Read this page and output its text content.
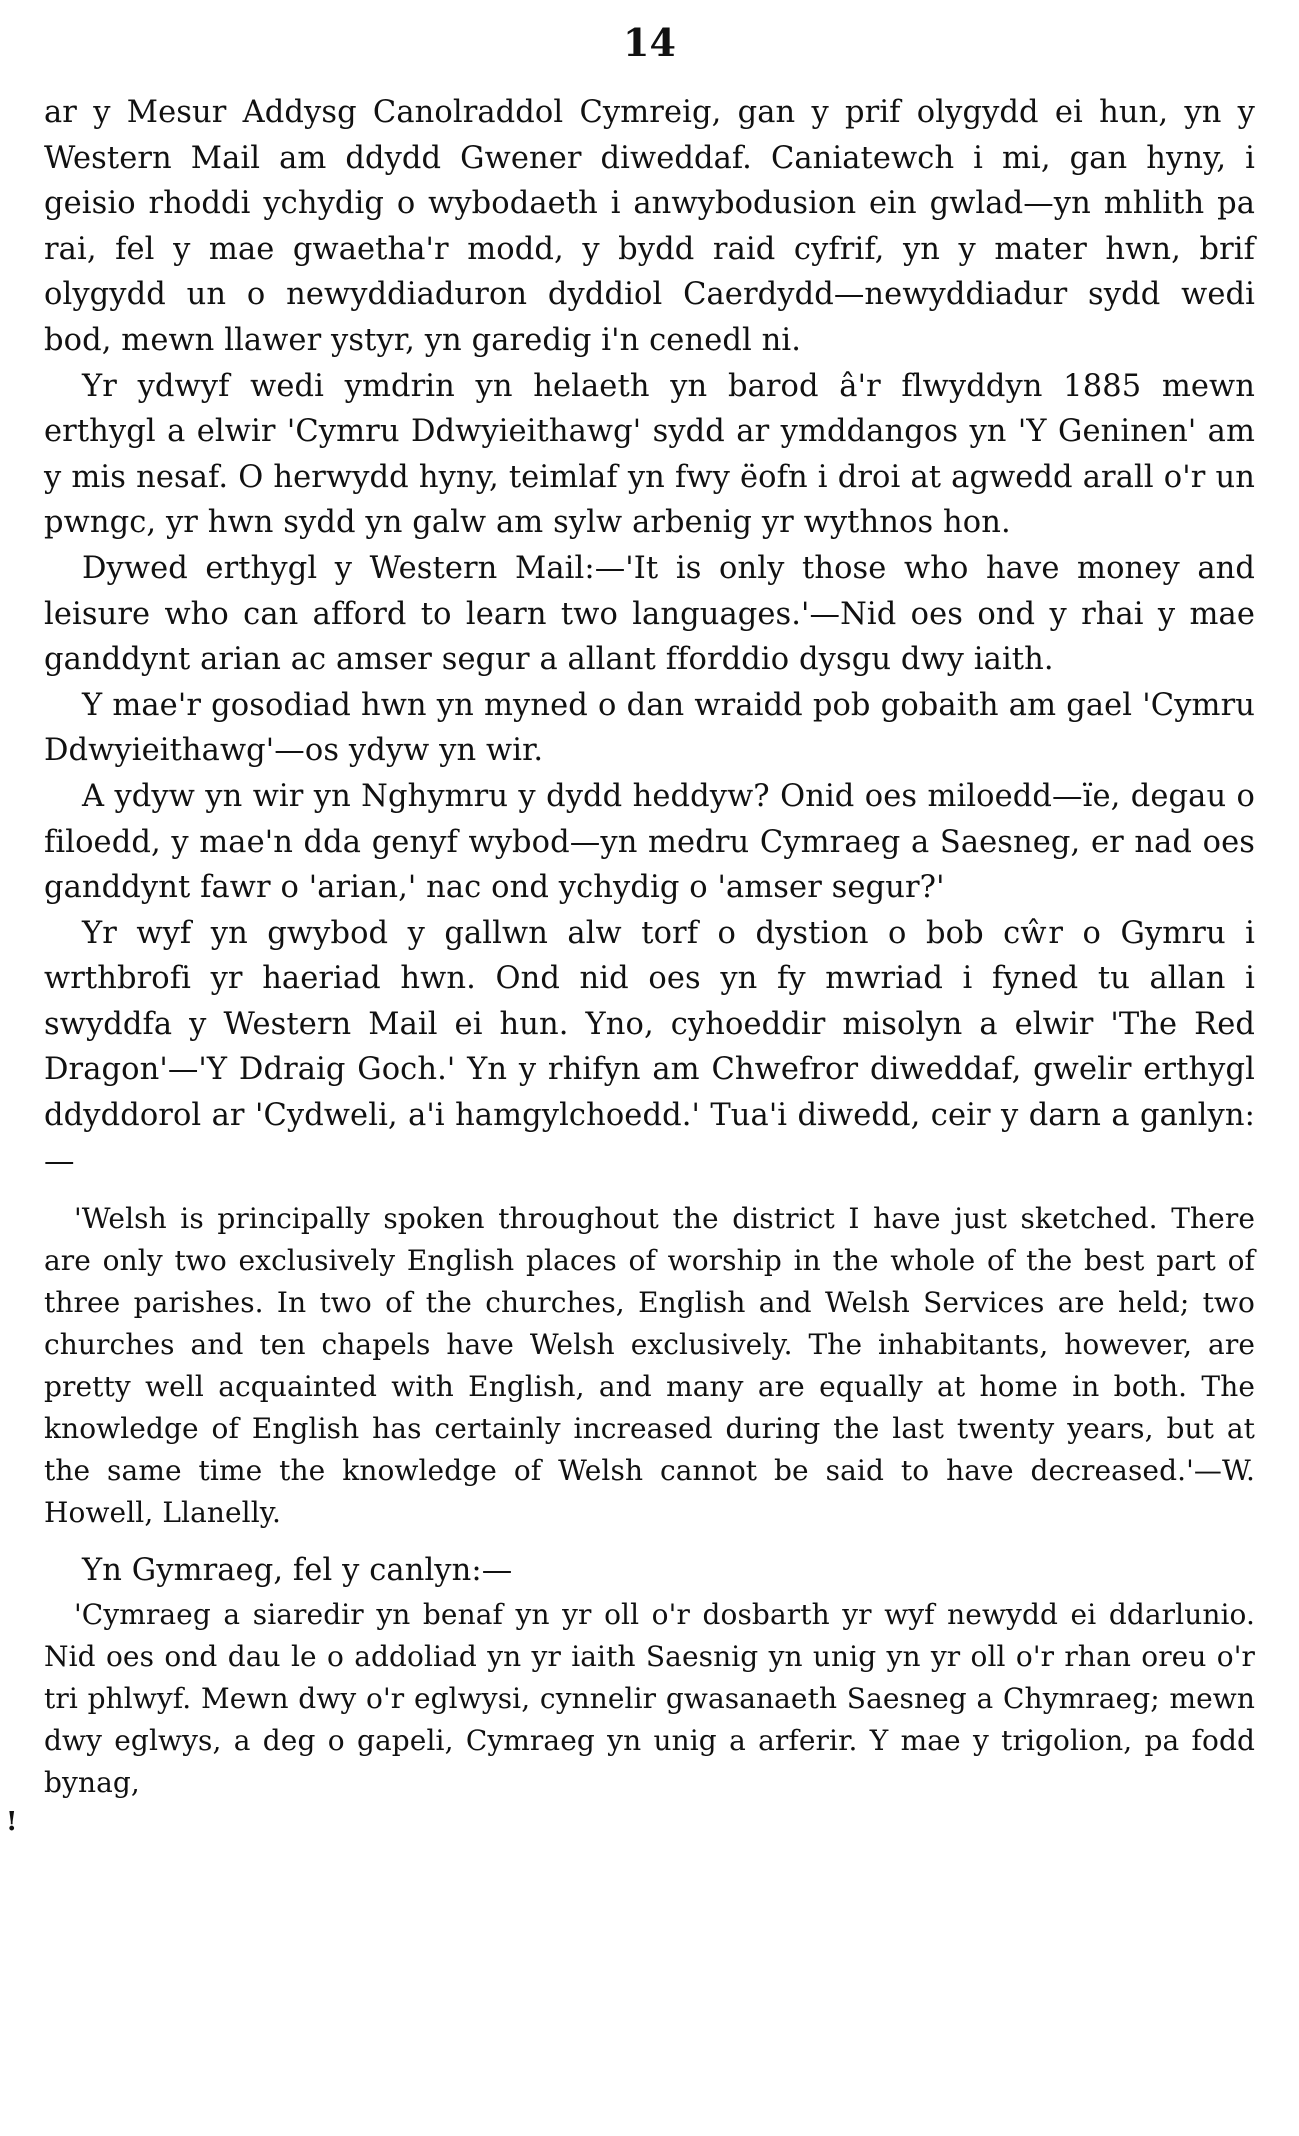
14

ar y Mesur Addysg Canolraddol Cymreig, gan y prif olygydd ei hun, yn y Western Mail am ddydd Gwener diweddaf. Caniatewch i mi, gan hyny, i geisio rhoddi ychydig o wybodaeth i anwybodusion ein gwlad—yn mhlith pa rai, fel y mae gwaetha'r modd, y bydd raid cyfrif, yn y mater hwn, brif olygydd un o newyddiaduron dyddiol Caerdydd—newyddiadur sydd wedi bod, mewn llawer ystyr, yn garedig i'n cenedl ni.

Yr ydwyf wedi ymdrin yn helaeth yn barod â'r flwyddyn 1885 mewn erthygl a elwir 'Cymru Ddwyieithawg' sydd ar ymddangos yn 'Y Geninen' am y mis nesaf. O herwydd hyny, teimlaf yn fwy ëofn i droi at agwedd arall o'r un pwngc, yr hwn sydd yn galw am sylw arbenig yr wythnos hon.

Dywed erthygl y Western Mail:—'It is only those who have money and leisure who can afford to learn two languages.'—Nid oes ond y rhai y mae ganddynt arian ac amser segur a allant fforddio dysgu dwy iaith.

Y mae'r gosodiad hwn yn myned o dan wraidd pob gobaith am gael 'Cymru Ddwyieithawg'—os ydyw yn wir.

A ydyw yn wir yn Nghymru y dydd heddyw? Onid oes miloedd—ïe, degau o filoedd, y mae'n dda genyf wybod—yn medru Cymraeg a Saesneg, er nad oes ganddynt fawr o 'arian,' nac ond ychydig o 'amser segur?'

Yr wyf yn gwybod y gallwn alw torf o dystion o bob cŵr o Gymru i wrthbrofi yr haeriad hwn. Ond nid oes yn fy mwriad i fyned tu allan i swyddfa y Western Mail ei hun. Yno, cyhoeddir misolyn a elwir 'The Red Dragon'—'Y Ddraig Goch.' Yn y rhifyn am Chwefror diweddaf, gwelir erthygl ddyddorol ar 'Cydweli, a'i hamgylchoedd.' Tua'i diwedd, ceir y darn a ganlyn:—

'Welsh is principally spoken throughout the district I have just sketched. There are only two exclusively English places of worship in the whole of the best part of three parishes. In two of the churches, English and Welsh Services are held; two churches and ten chapels have Welsh exclusively. The inhabitants, however, are pretty well acquainted with English, and many are equally at home in both. The knowledge of English has certainly increased during the last twenty years, but at the same time the knowledge of Welsh cannot be said to have decreased.'—W. Howell, Llanelly.

Yn Gymraeg, fel y canlyn:—

'Cymraeg a siaredir yn benaf yn yr oll o'r dosbarth yr wyf newydd ei ddarlunio. Nid oes ond dau le o addoliad yn yr iaith Saesnig yn unig yn yr oll o'r rhan oreu o'r tri phlwyf. Mewn dwy o'r eglwysi, cynnelir gwasanaeth Saesneg a Chymraeg; mewn dwy eglwys, a deg o gapeli, Cymraeg yn unig a arferir. Y mae y trigolion, pa fodd bynag,

!
